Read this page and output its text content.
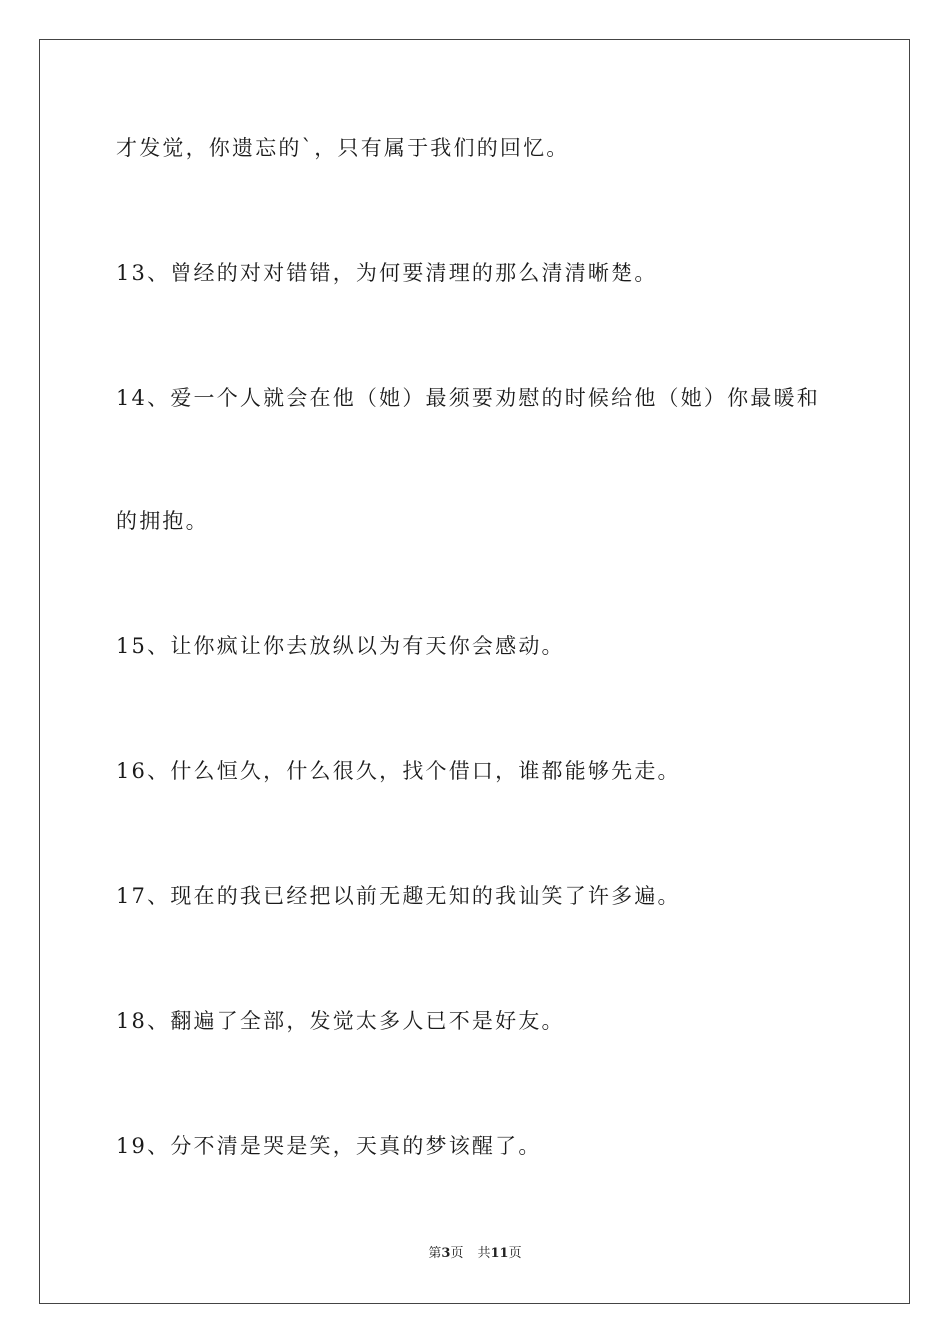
才发觉，你遗忘的`，只有属于我们的回忆。
13、曾经的对对错错，为何要清理的那么清清晰楚。
14、爱一个人就会在他（她）最须要劝慰的时候给他（她）你最暖和
的拥抱。
15、让你疯让你去放纵以为有天你会感动。
16、什么恒久，什么很久，找个借口，谁都能够先走。
17、现在的我已经把以前无趣无知的我讪笑了许多遍。
18、翻遍了全部，发觉太多人已不是好友。
19、分不清是哭是笑，天真的梦该醒了。
第3页 共11页
